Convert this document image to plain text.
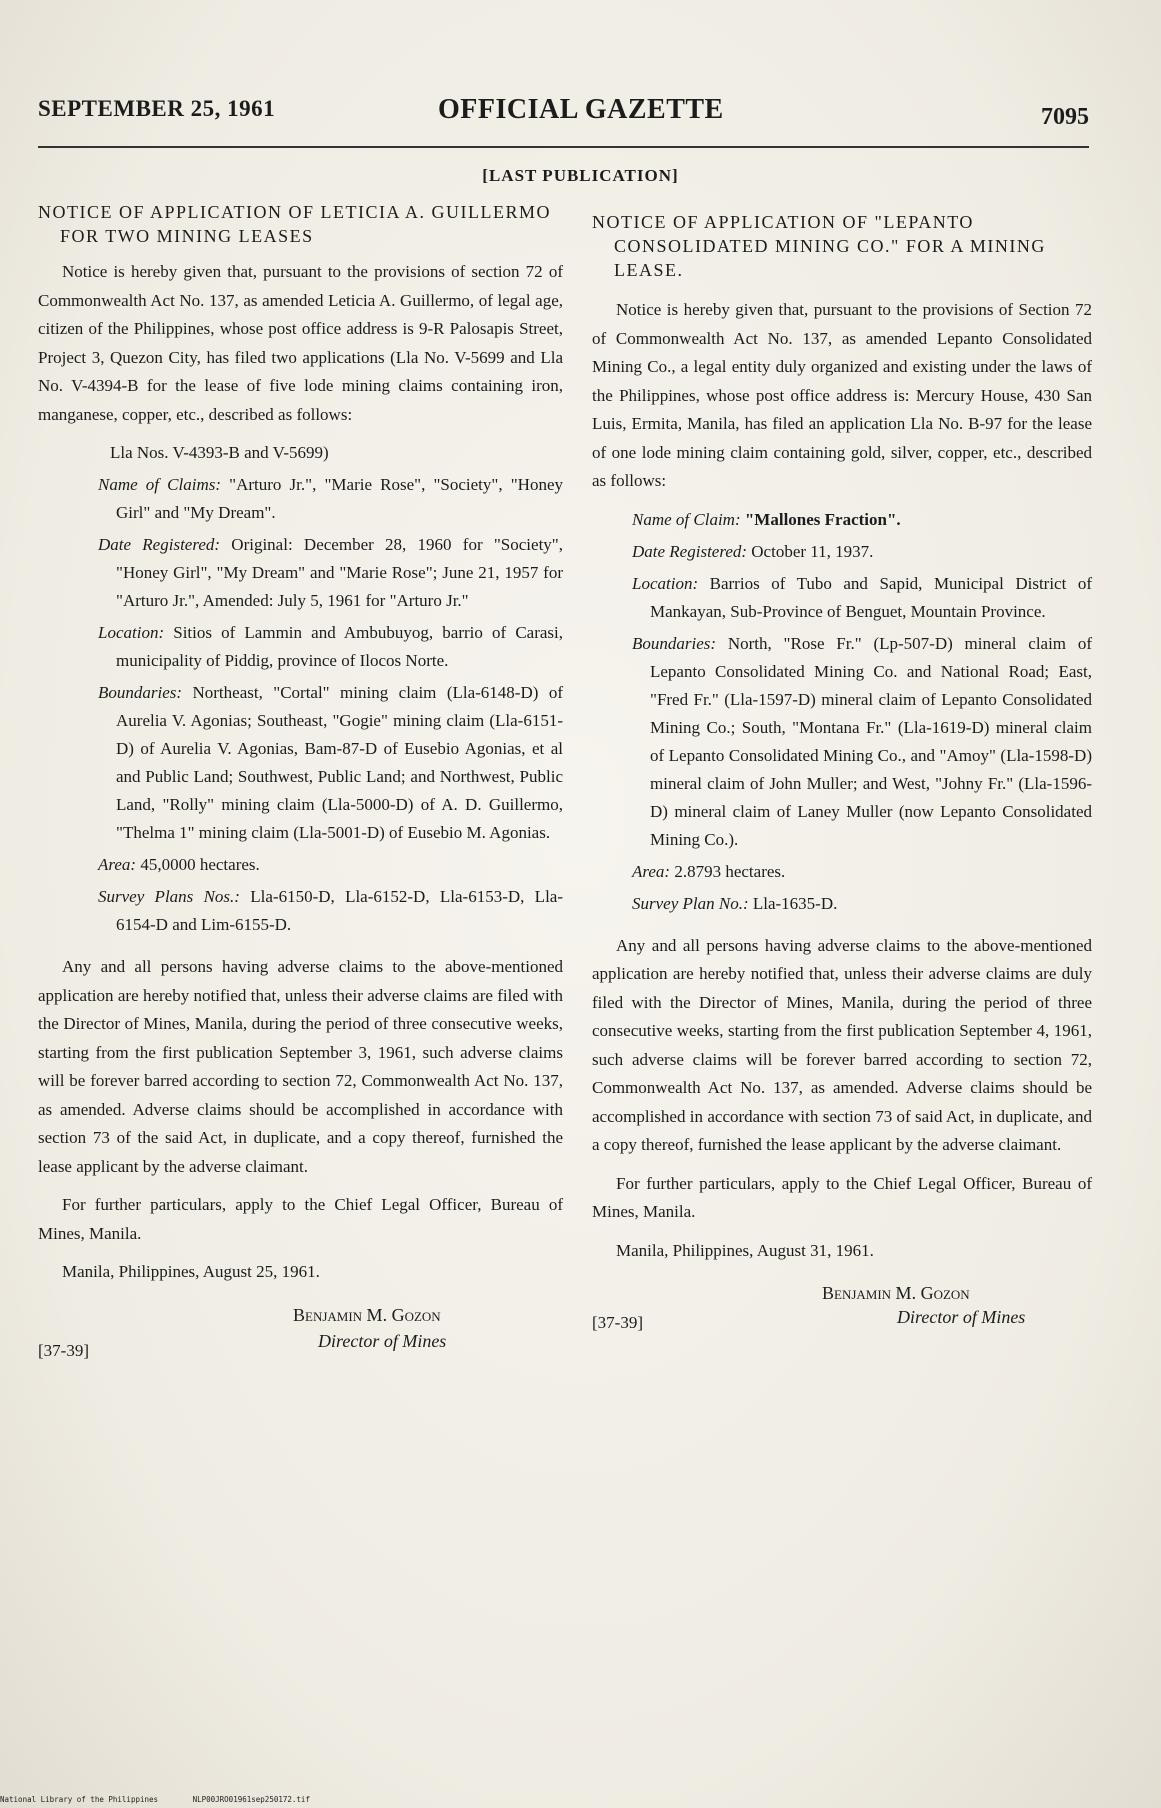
SEPTEMBER 25, 1961	OFFICIAL GAZETTE	7095
[LAST PUBLICATION]
NOTICE OF APPLICATION OF LETICIA A. GUILLERMO FOR TWO MINING LEASES

Notice is hereby given that, pursuant to the provisions of section 72 of Commonwealth Act No. 137, as amended Leticia A. Guillermo, of legal age, citizen of the Philippines, whose post office address is 9-R Palosapis Street, Project 3, Quezon City, has filed two applications (Lla No. V-5699 and Lla No. V-4394-B for the lease of five lode mining claims containing iron, manganese, copper, etc., described as follows:

Lla Nos. V-4393-B and V-5699)
Name of Claims: "Arturo Jr.", "Marie Rose", "Society", "Honey Girl" and "My Dream".
Date Registered: Original: December 28, 1960 for "Society", "Honey Girl", "My Dream" and "Marie Rose"; June 21, 1957 for "Arturo Jr.", Amended: July 5, 1961 for "Arturo Jr."
Location: Sitios of Lammin and Ambubuyog, barrio of Carasi, municipality of Piddig, province of Ilocos Norte.
Boundaries: Northeast, "Cortal" mining claim (Lla-6148-D) of Aurelia V. Agonias; Southeast, "Gogie" mining claim (Lla-6151-D) of Aurelia V. Agonias, Bam-87-D of Eusebio Agonias, et al and Public Land; Southwest, Public Land; and Northwest, Public Land, "Rolly" mining claim (Lla-5000-D) of A. D. Guillermo, "Thelma 1" mining claim (Lla-5001-D) of Eusebio M. Agonias.
Area: 45,0000 hectares.
Survey Plans Nos.: Lla-6150-D, Lla-6152-D, Lla-6153-D, Lla-6154-D and Lim-6155-D.

Any and all persons having adverse claims to the above-mentioned application are hereby notified that, unless their adverse claims are filed with the Director of Mines, Manila, during the period of three consecutive weeks, starting from the first publication September 3, 1961, such adverse claims will be forever barred according to section 72, Commonwealth Act No. 137, as amended. Adverse claims should be accomplished in accordance with section 73 of the said Act, in duplicate, and a copy thereof, furnished the lease applicant by the adverse claimant.

For further particulars, apply to the Chief Legal Officer, Bureau of Mines, Manila.

Manila, Philippines, August 25, 1961.

Benjamin M. Gozon
Director of Mines
[37-39]
NOTICE OF APPLICATION OF "LEPANTO CONSOLIDATED MINING CO." FOR A MINING LEASE.

Notice is hereby given that, pursuant to the provisions of Section 72 of Commonwealth Act No. 137, as amended Lepanto Consolidated Mining Co., a legal entity duly organized and existing under the laws of the Philippines, whose post office address is: Mercury House, 430 San Luis, Ermita, Manila, has filed an application Lla No. B-97 for the lease of one lode mining claim containing gold, silver, copper, etc., described as follows:

Name of Claim: "Mallones Fraction".
Date Registered: October 11, 1937.
Location: Barrios of Tubo and Sapid, Municipal District of Mankayan, Sub-Province of Benguet, Mountain Province.
Boundaries: North, "Rose Fr." (Lp-507-D) mineral claim of Lepanto Consolidated Mining Co. and National Road; East, "Fred Fr." (Lla-1597-D) mineral claim of Lepanto Consolidated Mining Co.; South, "Montana Fr." (Lla-1619-D) mineral claim of Lepanto Consolidated Mining Co., and "Amoy" (Lla-1598-D) mineral claim of John Muller; and West, "Johny Fr." (Lla-1596-D) mineral claim of Laney Muller (now Lepanto Consolidated Mining Co.).
Area: 2.8793 hectares.
Survey Plan No.: Lla-1635-D.

Any and all persons having adverse claims to the above-mentioned application are hereby notified that, unless their adverse claims are duly filed with the Director of Mines, Manila, during the period of three consecutive weeks, starting from the first publication September 4, 1961, such adverse claims will be forever barred according to section 72, Commonwealth Act No. 137, as amended. Adverse claims should be accomplished in accordance with section 73 of said Act, in duplicate, and a copy thereof, furnished the lease applicant by the adverse claimant.

For further particulars, apply to the Chief Legal Officer, Bureau of Mines, Manila.

Manila, Philippines, August 31, 1961.

Benjamin M. Gozon
Director of Mines
[37-39]
National Library of the Philippines	NLP00JRO01961sep250172.tif
